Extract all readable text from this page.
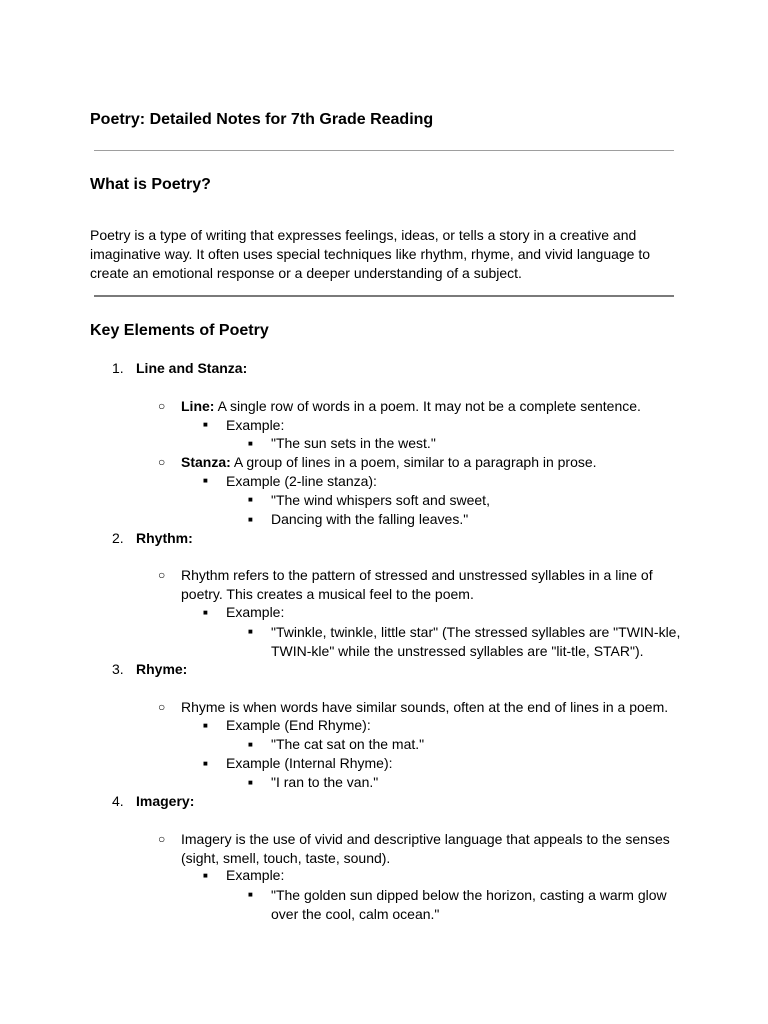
Poetry: Detailed Notes for 7th Grade Reading
What is Poetry?

Poetry is a type of writing that expresses feelings, ideas, or tells a story in a creative and imaginative way. It often uses special techniques like rhythm, rhyme, and vivid language to create an emotional response or a deeper understanding of a subject.

Key Elements of Poetry
1. Line and Stanza:
○ Line: A single row of words in a poem. It may not be a complete sentence.
■ Example:
■ "The sun sets in the west."
○ Stanza: A group of lines in a poem, similar to a paragraph in prose.
■ Example (2-line stanza):
■ "The wind whispers soft and sweet,
■ Dancing with the falling leaves."
2. Rhythm:
○ Rhythm refers to the pattern of stressed and unstressed syllables in a line of poetry. This creates a musical feel to the poem.
■ Example:
■ "Twinkle, twinkle, little star" (The stressed syllables are "TWIN-kle, TWIN-kle" while the unstressed syllables are "lit-tle, STAR").
3. Rhyme:
○ Rhyme is when words have similar sounds, often at the end of lines in a poem.
■ Example (End Rhyme):
■ "The cat sat on the mat."
■ Example (Internal Rhyme):
■ "I ran to the van."
4. Imagery:
○ Imagery is the use of vivid and descriptive language that appeals to the senses (sight, smell, touch, taste, sound).
■ Example:
■ "The golden sun dipped below the horizon, casting a warm glow over the cool, calm ocean."
